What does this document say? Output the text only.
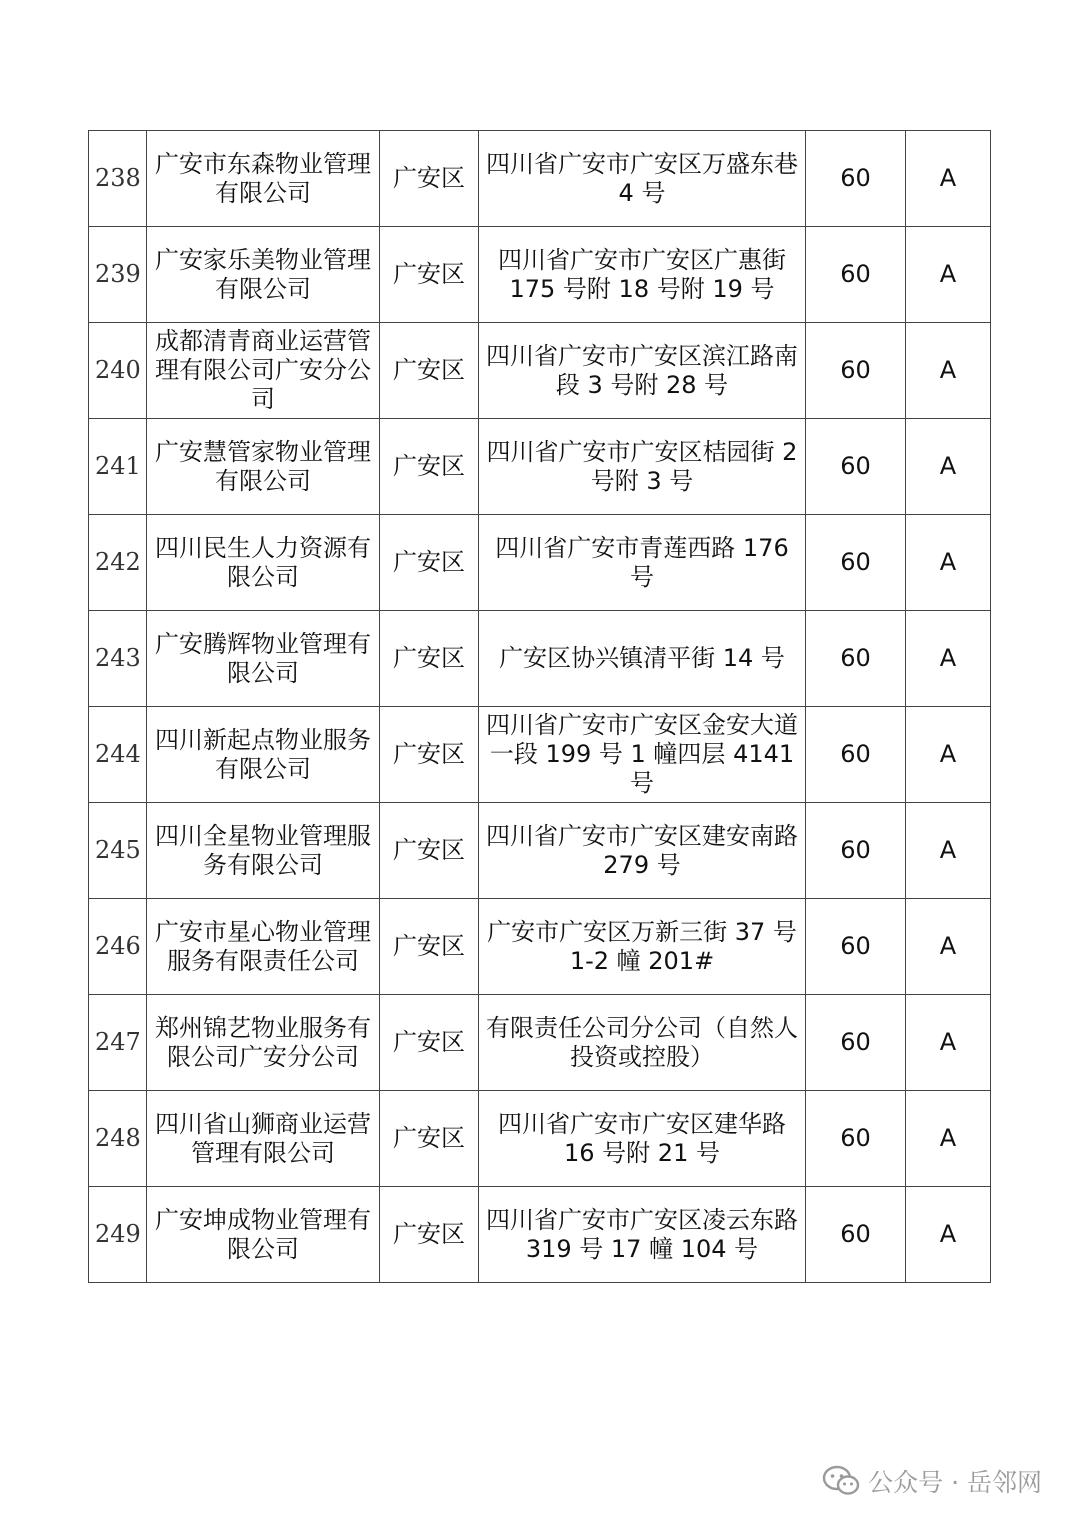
238	广安市东森物业管理有限公司	广安区	四川省广安市广安区万盛东巷 4 号	60	A
239	广安家乐美物业管理有限公司	广安区	四川省广安市广安区广惠街 175 号附 18 号附 19 号	60	A
240	成都清青商业运营管理有限公司广安分公司	广安区	四川省广安市广安区滨江路南段 3 号附 28 号	60	A
241	广安慧管家物业管理有限公司	广安区	四川省广安市广安区桔园街 2 号附 3 号	60	A
242	四川民生人力资源有限公司	广安区	四川省广安市青莲西路 176 号	60	A
243	广安腾辉物业管理有限公司	广安区	广安区协兴镇清平街 14 号	60	A
244	四川新起点物业服务有限公司	广安区	四川省广安市广安区金安大道一段 199 号 1 幢四层 4141 号	60	A
245	四川全星物业管理服务有限公司	广安区	四川省广安市广安区建安南路 279 号	60	A
246	广安市星心物业管理服务有限责任公司	广安区	广安市广安区万新三街 37 号 1-2 幢 201#	60	A
247	郑州锦艺物业服务有限公司广安分公司	广安区	有限责任公司分公司（自然人投资或控股）	60	A
248	四川省山狮商业运营管理有限公司	广安区	四川省广安市广安区建华路 16 号附 21 号	60	A
249	广安坤成物业管理有限公司	广安区	四川省广安市广安区凌云东路 319 号 17 幢 104 号	60	A
公众号 · 岳邻网
